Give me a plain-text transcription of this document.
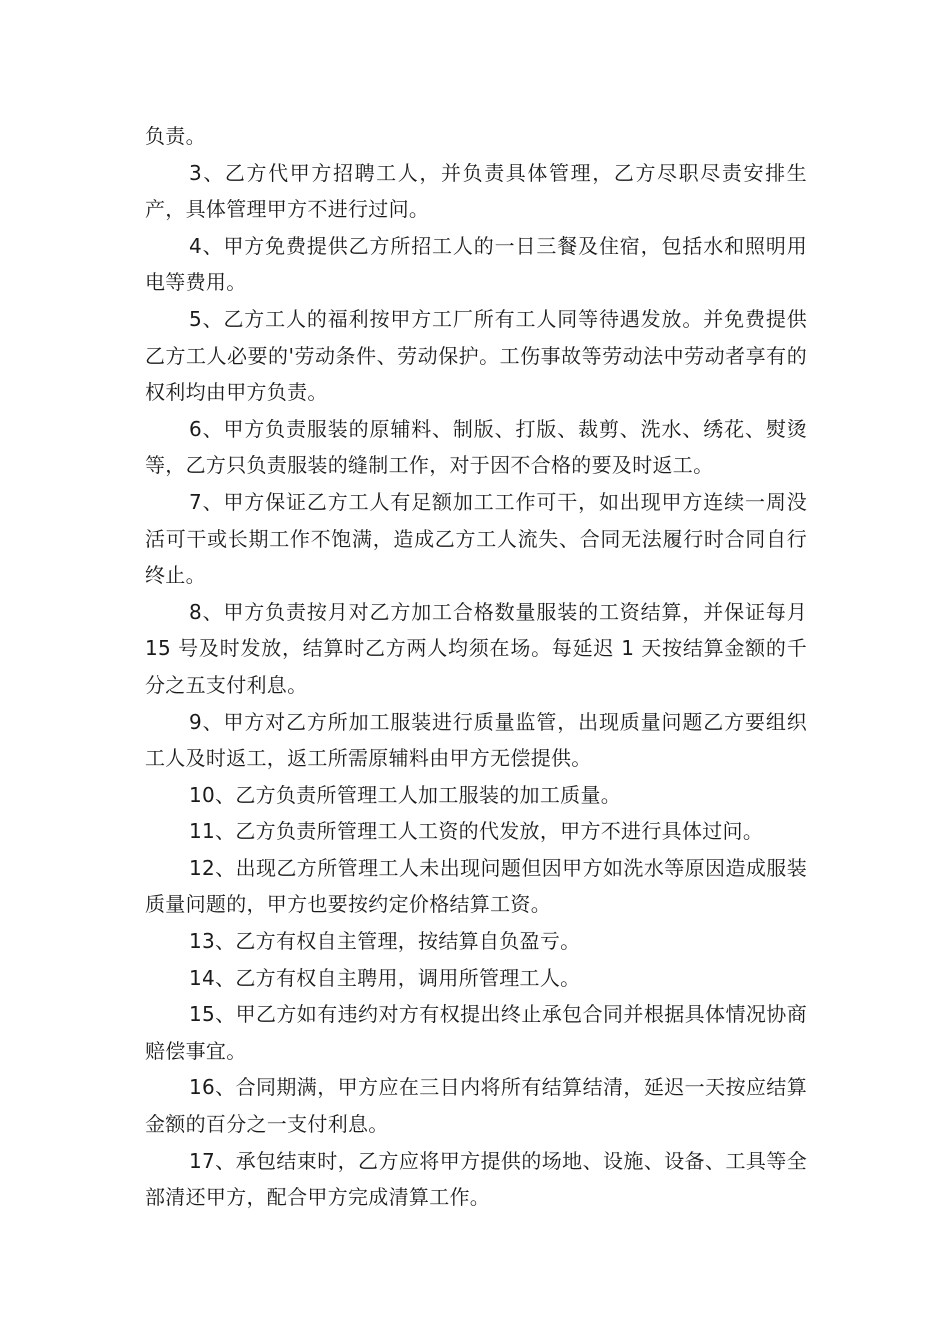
负责。

3、乙方代甲方招聘工人，并负责具体管理，乙方尽职尽责安排生产，具体管理甲方不进行过问。

4、甲方免费提供乙方所招工人的一日三餐及住宿，包括水和照明用电等费用。

5、乙方工人的福利按甲方工厂所有工人同等待遇发放。并免费提供乙方工人必要的'劳动条件、劳动保护。工伤事故等劳动法中劳动者享有的权利均由甲方负责。

6、甲方负责服装的原辅料、制版、打版、裁剪、洗水、绣花、熨烫等，乙方只负责服装的缝制工作，对于因不合格的要及时返工。

7、甲方保证乙方工人有足额加工工作可干，如出现甲方连续一周没活可干或长期工作不饱满，造成乙方工人流失、合同无法履行时合同自行终止。

8、甲方负责按月对乙方加工合格数量服装的工资结算，并保证每月 15 号及时发放，结算时乙方两人均须在场。每延迟 1 天按结算金额的千分之五支付利息。

9、甲方对乙方所加工服装进行质量监管，出现质量问题乙方要组织工人及时返工，返工所需原辅料由甲方无偿提供。

10、乙方负责所管理工人加工服装的加工质量。

11、乙方负责所管理工人工资的代发放，甲方不进行具体过问。

12、出现乙方所管理工人未出现问题但因甲方如洗水等原因造成服装质量问题的，甲方也要按约定价格结算工资。

13、乙方有权自主管理，按结算自负盈亏。

14、乙方有权自主聘用，调用所管理工人。

15、甲乙方如有违约对方有权提出终止承包合同并根据具体情况协商赔偿事宜。

16、合同期满，甲方应在三日内将所有结算结清，延迟一天按应结算金额的百分之一支付利息。

17、承包结束时，乙方应将甲方提供的场地、设施、设备、工具等全部清还甲方，配合甲方完成清算工作。
